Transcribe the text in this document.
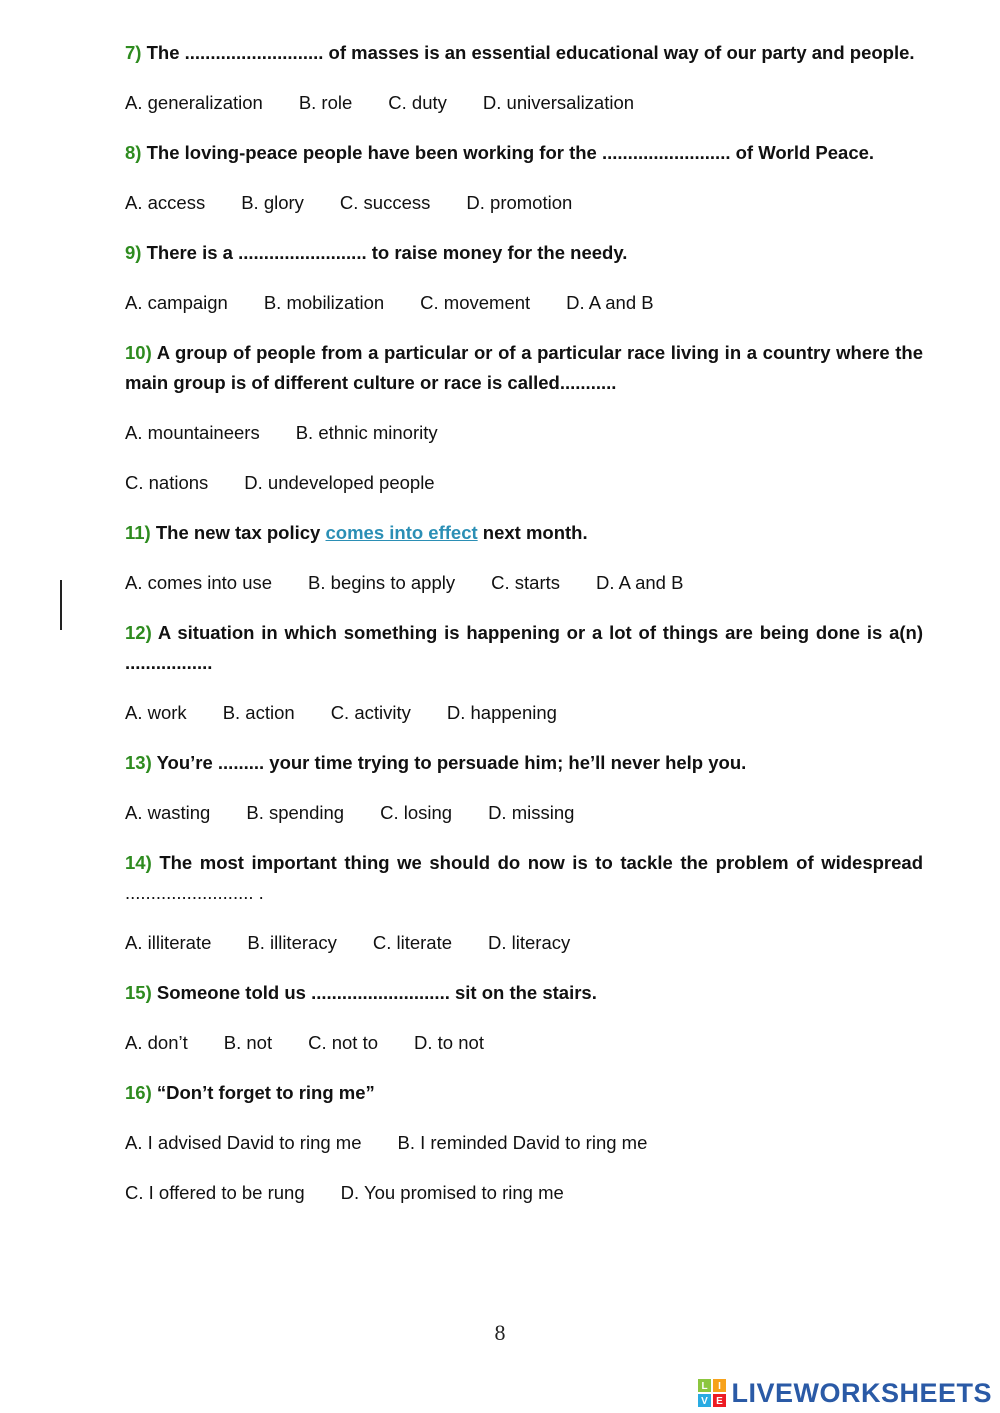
7) The ........................... of masses is an essential educational way of our party and people.

A. generalization B. role C. duty D. universalization

8) The loving-peace people have been working for the ......................... of World Peace.

A. access B. glory C. success D. promotion

9) There is a ......................... to raise money for the needy.

A. campaign B. mobilization C. movement D. A and B

10) A group of people from a particular or of a particular race living in a country where the main group is of different culture or race is called...........

A. mountaineers B. ethnic minority
C. nations D. undeveloped people

11) The new tax policy comes into effect next month.

A. comes into use B. begins to apply C. starts D. A and B

12) A situation in which something is happening or a lot of things are being done is a(n) .................

A. work B. action C. activity D. happening

13) You’re ......... your time trying to persuade him; he’ll never help you.

A. wasting B. spending C. losing D. missing

14) The most important thing we should do now is to tackle the problem of widespread ......................... .

A. illiterate B. illiteracy C. literate D. literacy

15) Someone told us ........................... sit on the stairs.

A. don’t B. not C. not to D. to not

16) “Don’t forget to ring me”

A. I advised David to ring me B. I reminded David to ring me
C. I offered to be rung D. You promised to ring me
8
L I
V E LIVEWORKSHEETS
